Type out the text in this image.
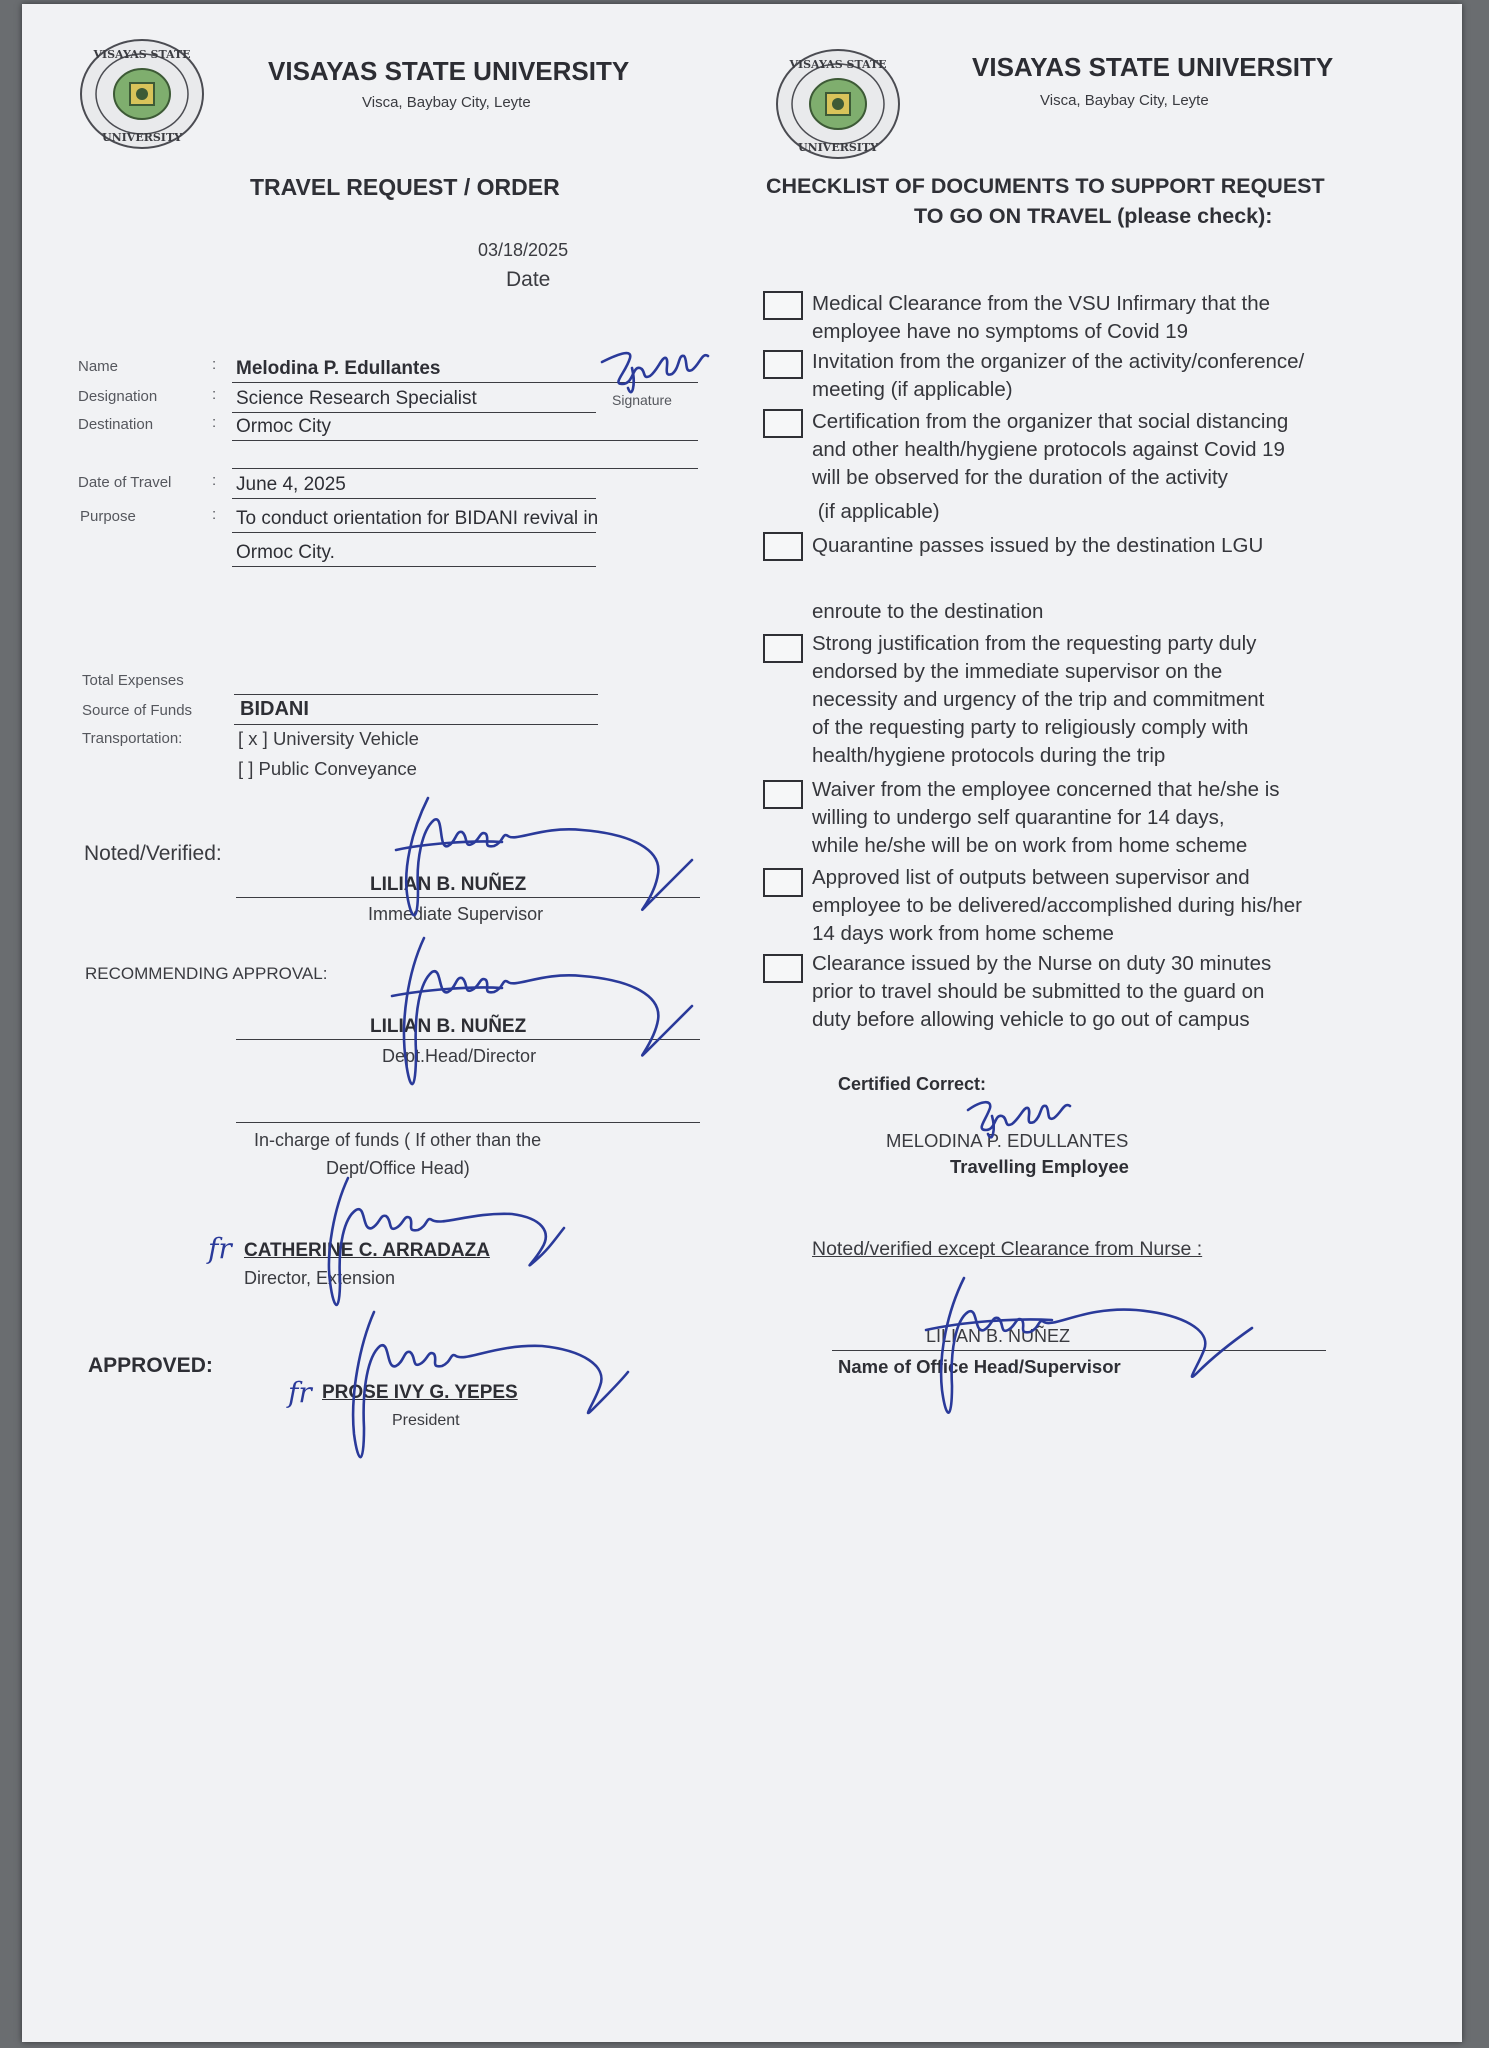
VISAYAS STATE
UNIVERSITY
VISAYAS STATE UNIVERSITY
Visca, Baybay City, Leyte
TRAVEL REQUEST / ORDER
03/18/2025
Date
Name	: Melodina P. Edullantes
Signature
Designation	: Science Research Specialist
Destination	: Ormoc City
Date of Travel	: June 4, 2025
Purpose	: To conduct orientation for BIDANI revival in
Ormoc City.
Total Expenses
Source of Funds BIDANI
Transportation:	[ x ] University Vehicle
[ ] Public Conveyance
Noted/Verified:
LILIAN B. NUÑEZ
Immediate Supervisor
RECOMMENDING APPROVAL:
LILIAN B. NUÑEZ
Dept.Head/Director
In-charge of funds ( If other than the
Dept/Office Head)
CATHERINE C. ARRADAZA
Director, Extension
fr
APPROVED:
PROSE IVY G. YEPES
President
fr
VISAYAS STATE
UNIVERSITY
VISAYAS STATE UNIVERSITY
Visca, Baybay City, Leyte
CHECKLIST OF DOCUMENTS TO SUPPORT REQUEST
TO GO ON TRAVEL (please check):
Medical Clearance from the VSU Infirmary that the
employee have no symptoms of Covid 19
Invitation from the organizer of the activity/conference/
meeting (if applicable)
Certification from the organizer that social distancing
and other health/hygiene protocols against Covid 19
will be observed for the duration of the activity
(if applicable)
Quarantine passes issued by the destination LGU
enroute to the destination
Strong justification from the requesting party duly
endorsed by the immediate supervisor on the
necessity and urgency of the trip and commitment
of the requesting party to religiously comply with
health/hygiene protocols during the trip
Waiver from the employee concerned that he/she is
willing to undergo self quarantine for 14 days,
while he/she will be on work from home scheme
Approved list of outputs between supervisor and
employee to be delivered/accomplished during his/her
14 days work from home scheme
Clearance issued by the Nurse on duty 30 minutes
prior to travel should be submitted to the guard on
duty before allowing vehicle to go out of campus
Certified Correct:
MELODINA P. EDULLANTES
Travelling Employee
Noted/verified except Clearance from Nurse :
LILIAN B. NUÑEZ
Name of Office Head/Supervisor
